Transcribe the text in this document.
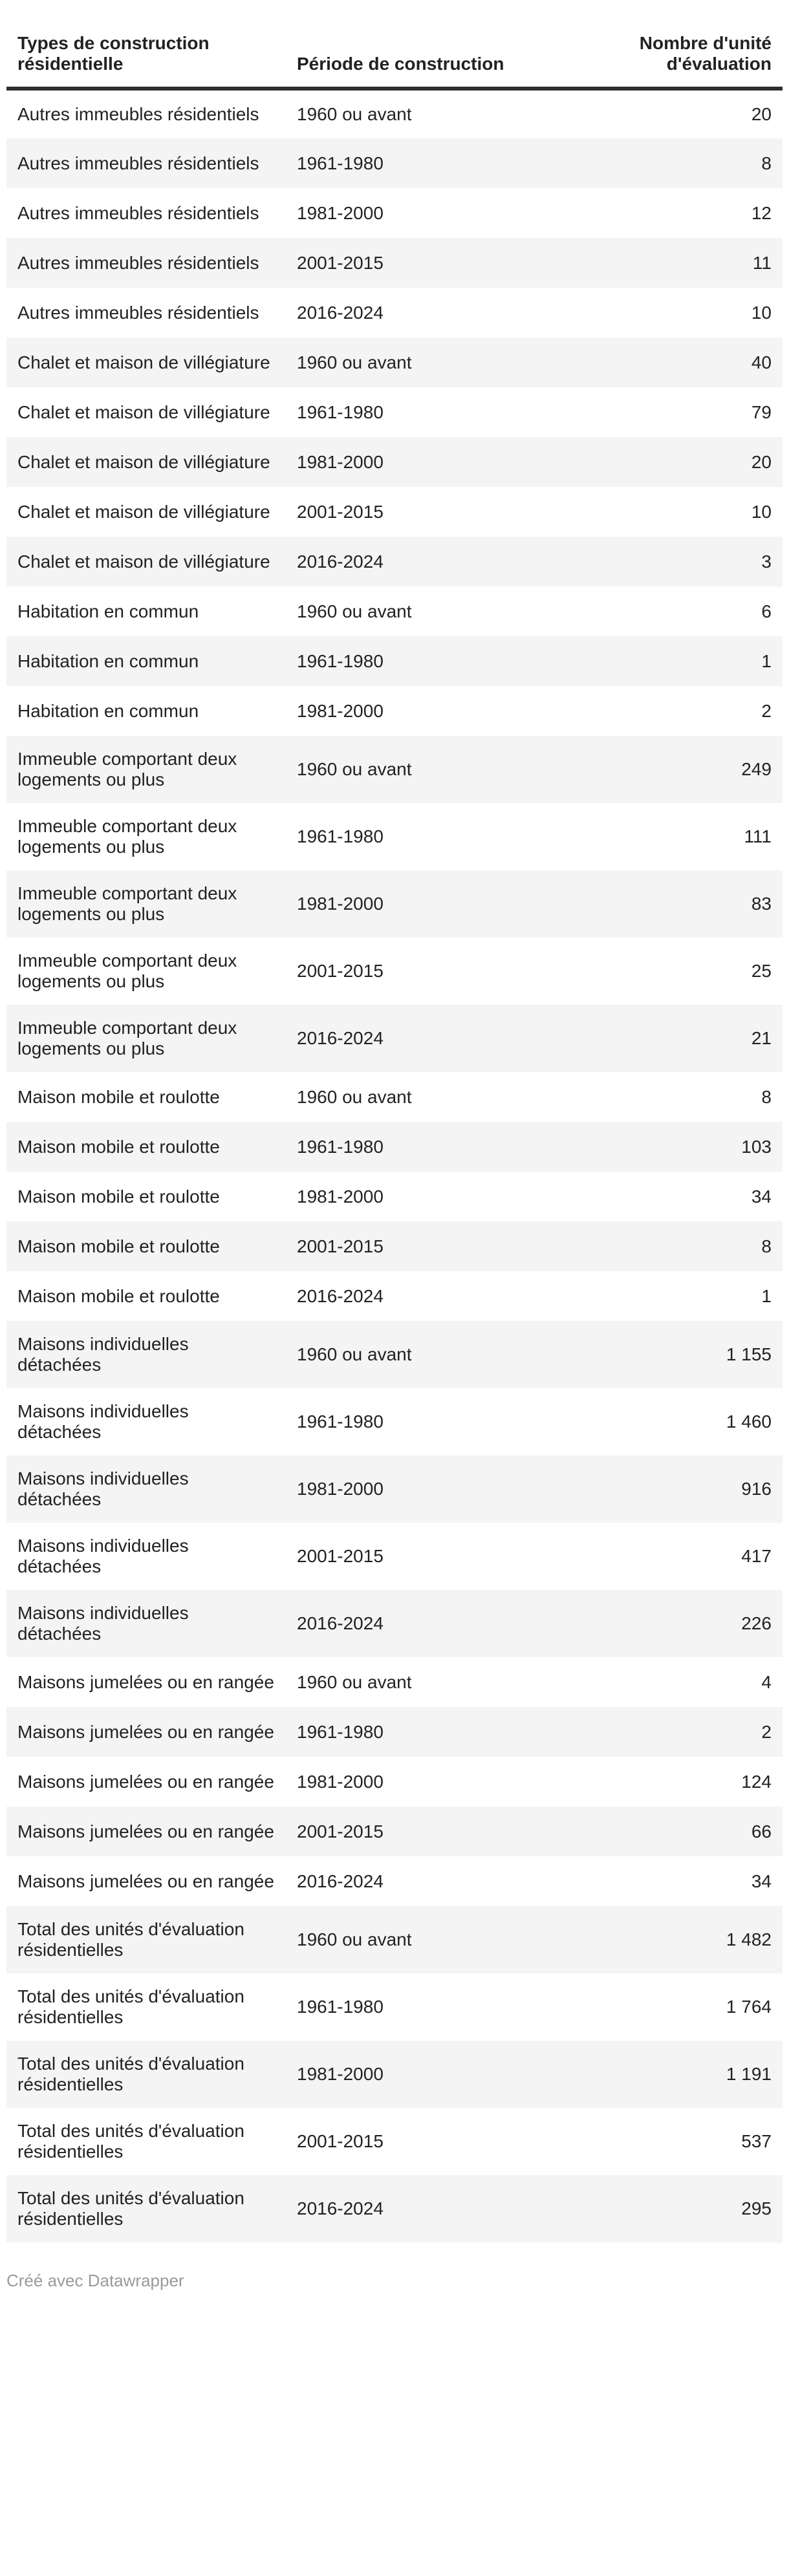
Types de construction résidentielle	Période de construction	Nombre d'unité d'évaluation
Autres immeubles résidentiels	1960 ou avant	20
Autres immeubles résidentiels	1961-1980	8
Autres immeubles résidentiels	1981-2000	12
Autres immeubles résidentiels	2001-2015	11
Autres immeubles résidentiels	2016-2024	10
Chalet et maison de villégiature	1960 ou avant	40
Chalet et maison de villégiature	1961-1980	79
Chalet et maison de villégiature	1981-2000	20
Chalet et maison de villégiature	2001-2015	10
Chalet et maison de villégiature	2016-2024	3
Habitation en commun	1960 ou avant	6
Habitation en commun	1961-1980	1
Habitation en commun	1981-2000	2
Immeuble comportant deux logements ou plus	1960 ou avant	249
Immeuble comportant deux logements ou plus	1961-1980	111
Immeuble comportant deux logements ou plus	1981-2000	83
Immeuble comportant deux logements ou plus	2001-2015	25
Immeuble comportant deux logements ou plus	2016-2024	21
Maison mobile et roulotte	1960 ou avant	8
Maison mobile et roulotte	1961-1980	103
Maison mobile et roulotte	1981-2000	34
Maison mobile et roulotte	2001-2015	8
Maison mobile et roulotte	2016-2024	1
Maisons individuelles détachées	1960 ou avant	1 155
Maisons individuelles détachées	1961-1980	1 460
Maisons individuelles détachées	1981-2000	916
Maisons individuelles détachées	2001-2015	417
Maisons individuelles détachées	2016-2024	226
Maisons jumelées ou en rangée	1960 ou avant	4
Maisons jumelées ou en rangée	1961-1980	2
Maisons jumelées ou en rangée	1981-2000	124
Maisons jumelées ou en rangée	2001-2015	66
Maisons jumelées ou en rangée	2016-2024	34
Total des unités d'évaluation résidentielles	1960 ou avant	1 482
Total des unités d'évaluation résidentielles	1961-1980	1 764
Total des unités d'évaluation résidentielles	1981-2000	1 191
Total des unités d'évaluation résidentielles	2001-2015	537
Total des unités d'évaluation résidentielles	2016-2024	295
Créé avec Datawrapper
